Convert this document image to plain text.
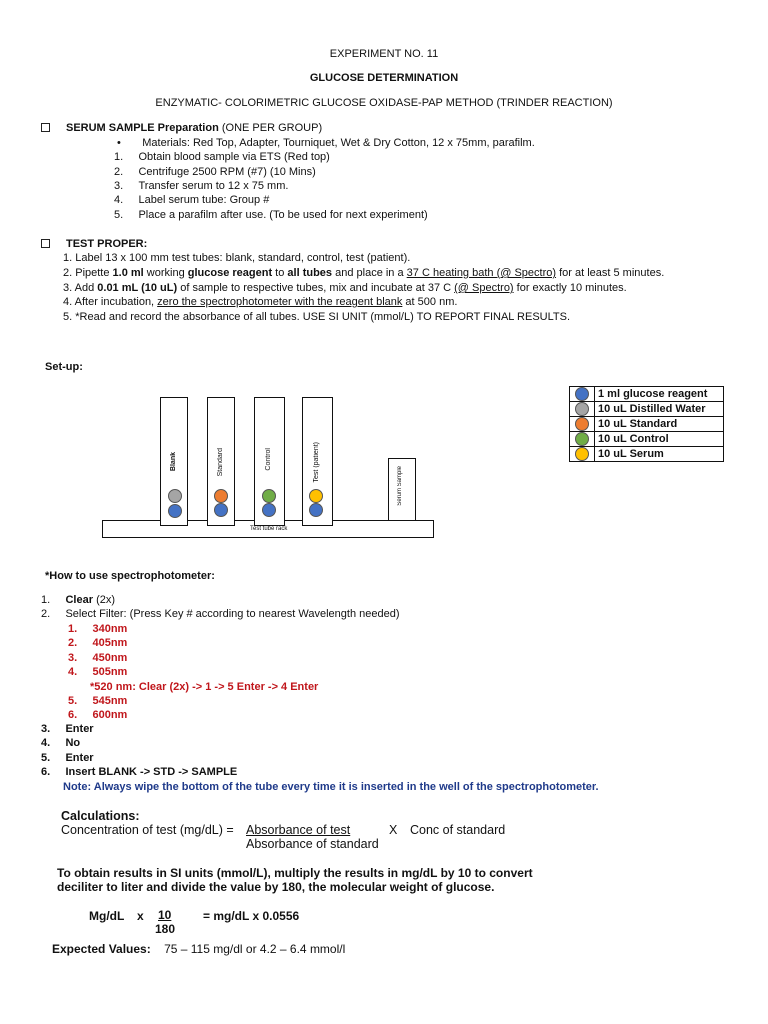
EXPERIMENT NO. 11
GLUCOSE DETERMINATION
ENZYMATIC- COLORIMETRIC GLUCOSE OXIDASE-PAP METHOD (TRINDER REACTION)
SERUM SAMPLE Preparation (ONE PER GROUP)
•       Materials: Red Top, Adapter, Tourniquet, Wet & Dry Cotton, 12 x 75mm, parafilm.
1.     Obtain blood sample via ETS (Red top)
2.     Centrifuge 2500 RPM (#7) (10 Mins)
3.     Transfer serum to 12 x 75 mm.
4.     Label serum tube: Group #
5.     Place a parafilm after use. (To be used for next experiment)
TEST PROPER:
1. Label 13 x 100 mm test tubes: blank, standard, control, test (patient).
2. Pipette 1.0 ml working glucose reagent to all tubes and place in a 37 C heating bath (@ Spectro) for at least 5 minutes.
3. Add 0.01 mL (10 uL) of sample to respective tubes, mix and incubate at 37 C (@ Spectro) for exactly 10 minutes.
4. After incubation, zero the spectrophotometer with the reagent blank at 500 nm.
5. *Read and record the absorbance of all tubes. USE SI UNIT (mmol/L) TO REPORT FINAL RESULTS.
Set-up:
Test tube rack
Blank	Standard	Control	Test (patient)
Serum Sample
	1 ml glucose reagent
	10 uL Distilled Water
	10 uL Standard
	10 uL Control
	10 uL Serum
*How to use spectrophotometer:
1.     Clear (2x)
2.     Select Filter: (Press Key # according to nearest Wavelength needed)
1.     340nm
2.     405nm
3.     450nm
4.     505nm
*520 nm: Clear (2x) -> 1 -> 5 Enter -> 4 Enter
5.     545nm
6.     600nm
3.     Enter
4.     No
5.     Enter
6.     Insert BLANK -> STD -> SAMPLE
Note: Always wipe the bottom of the tube every time it is inserted in the well of the spectrophotometer.
Calculations:
Concentration of test (mg/dL) = Absorbance of test	X Conc of standard
Absorbance of standard
To obtain results in SI units (mmol/L), multiply the results in mg/dL by 10 to convert
deciliter to liter and divide the value by 180, the molecular weight of glucose.
Mg/dL x 10
180
= mg/dL x 0.0556
Expected Values: 75 – 115 mg/dl or 4.2 – 6.4 mmol/l
